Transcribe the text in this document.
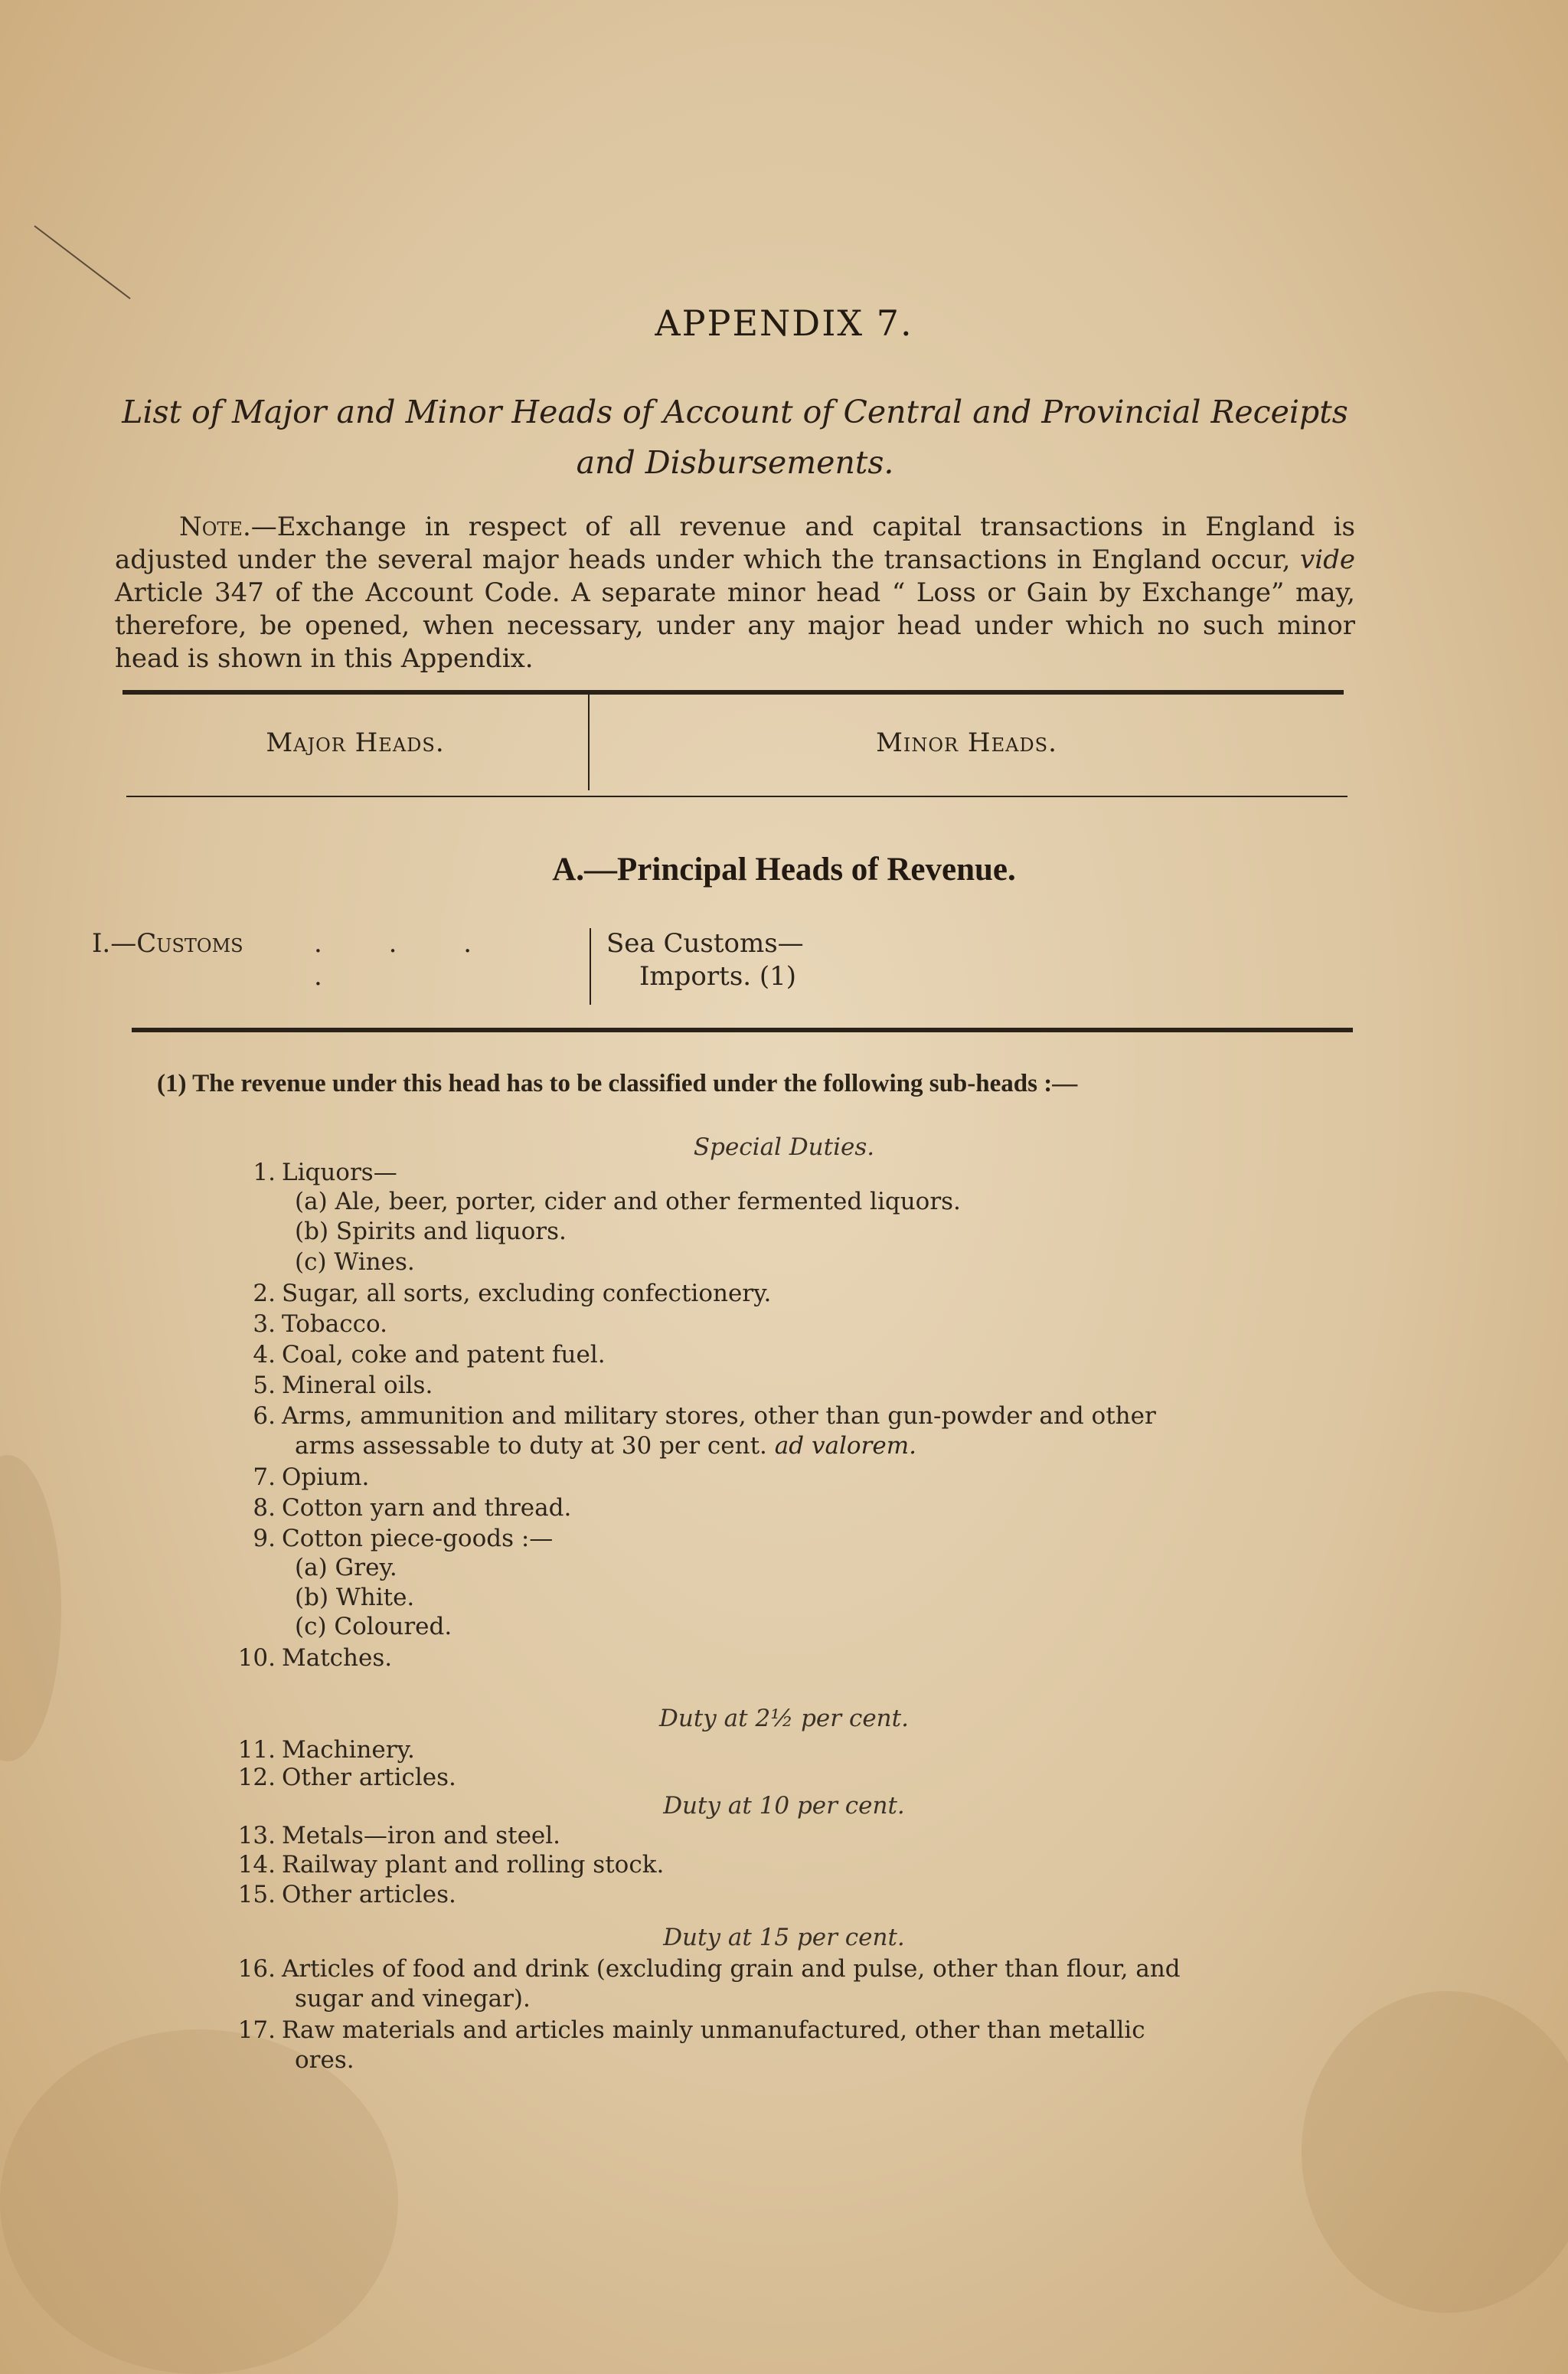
APPENDIX 7.
List of Major and Minor Heads of Account of Central and Provincial Receipts
and Disbursements.
Note.—Exchange in respect of all revenue and capital transactions in England is adjusted under the several major heads under which the transactions in England occur, vide Article 347 of the Account Code. A separate minor head “ Loss or Gain by Exchange” may, therefore, be opened, when necessary, under any major head under which no such minor head is shown in this Appendix.
Major Heads.	Minor Heads.
A.—Principal Heads of Revenue.
I.—Customs	. . . .
Sea Customs—
Imports. (1)
(1) The revenue under this head has to be classified under the following sub-heads :—
Special Duties.
1. Liquors—
(a) Ale, beer, porter, cider and other fermented liquors.
(b) Spirits and liquors.
(c) Wines.
2. Sugar, all sorts, excluding confectionery.
3. Tobacco.
4. Coal, coke and patent fuel.
5. Mineral oils.
6. Arms, ammunition and military stores, other than gun-powder and other
arms assessable to duty at 30 per cent. ad valorem.
7. Opium.
8. Cotton yarn and thread.
9. Cotton piece-goods :—
(a) Grey.
(b) White.
(c) Coloured.
10. Matches.
Duty at 2½ per cent.
11. Machinery.
12. Other articles.
Duty at 10 per cent.
13. Metals—iron and steel.
14. Railway plant and rolling stock.
15. Other articles.
Duty at 15 per cent.
16. Articles of food and drink (excluding grain and pulse, other than flour, and
sugar and vinegar).
17. Raw materials and articles mainly unmanufactured, other than metallic
ores.
